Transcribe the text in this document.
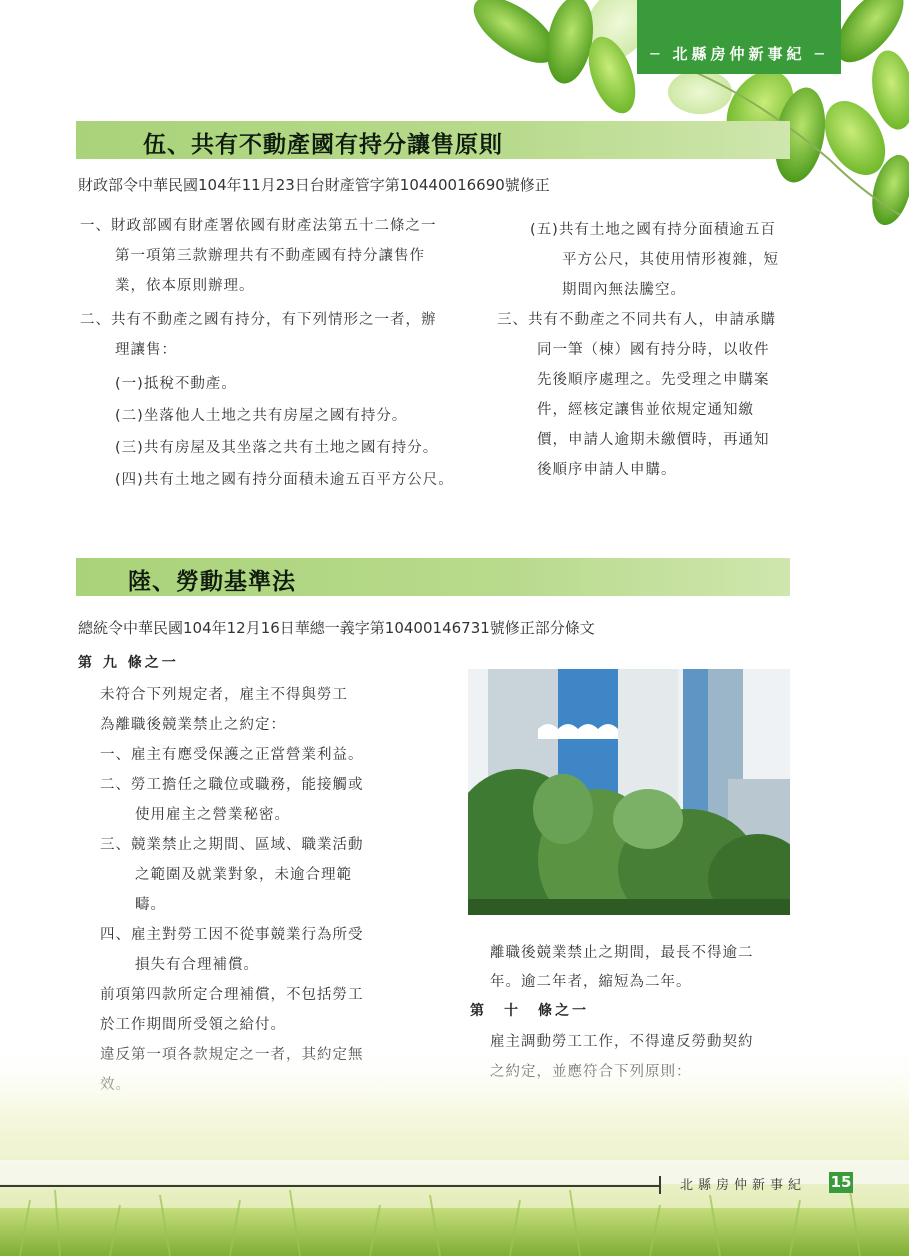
─ 北縣房仲新事紀 ─
伍、共有不動產國有持分讓售原則
財政部令中華民國104年11月23日台財產管字第10440016690號修正
一、財政部國有財產署依國有財產法第五十二條之一
第一項第三款辦理共有不動產國有持分讓售作
業，依本原則辦理。
二、共有不動產之國有持分，有下列情形之一者，辦
理讓售：
(一)抵稅不動產。
(二)坐落他人土地之共有房屋之國有持分。
(三)共有房屋及其坐落之共有土地之國有持分。
(四)共有土地之國有持分面積未逾五百平方公尺。
(五)共有土地之國有持分面積逾五百
平方公尺，其使用情形複雜，短
期間內無法騰空。
三、共有不動產之不同共有人，申請承購
同一筆（棟）國有持分時，以收件
先後順序處理之。先受理之申購案
件，經核定讓售並依規定通知繳
價，申請人逾期未繳價時，再通知
後順序申請人申購。
陸、勞動基準法
總統令中華民國104年12月16日華總一義字第10400146731號修正部分條文
第 九 條之一
未符合下列規定者，雇主不得與勞工
為離職後競業禁止之約定：
一、雇主有應受保護之正當營業利益。
二、勞工擔任之職位或職務，能接觸或
使用雇主之營業秘密。
三、競業禁止之期間、區域、職業活動
之範圍及就業對象，未逾合理範
疇。
四、雇主對勞工因不從事競業行為所受
損失有合理補償。
前項第四款所定合理補償，不包括勞工
於工作期間所受領之給付。
離職後競業禁止之期間，最長不得逾二
年。逾二年者，縮短為二年。
第　十　條之一
北縣房仲新事紀 15
